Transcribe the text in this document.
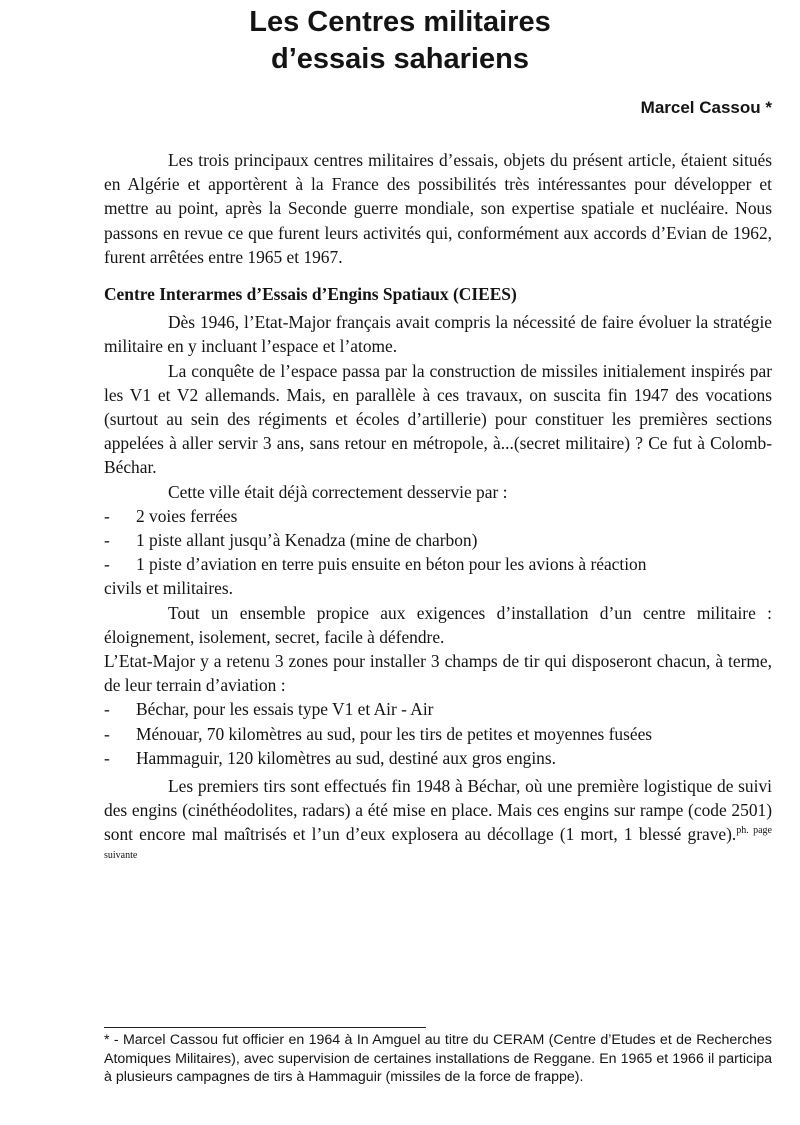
Les Centres militaires
d’essais sahariens

Marcel Cassou *

Les trois principaux centres militaires d’essais, objets du présent article, étaient situés en Algérie et apportèrent à la France des possibilités très intéressantes pour développer et mettre au point, après la Seconde guerre mondiale, son expertise spatiale et nucléaire. Nous passons en revue ce que furent leurs activités qui, conformément aux accords d’Evian de 1962, furent arrêtées entre 1965 et 1967.

Centre Interarmes d’Essais d’Engins Spatiaux (CIEES)

Dès 1946, l’Etat-Major français avait compris la nécessité de faire évoluer la stratégie militaire en y incluant l’espace et l’atome.

La conquête de l’espace passa par la construction de missiles initialement inspirés par les V1 et V2 allemands. Mais, en parallèle à ces travaux, on suscita fin 1947 des vocations (surtout au sein des régiments et écoles d’artillerie) pour constituer les premières sections appelées à aller servir 3 ans, sans retour en métropole, à...(secret militaire) ? Ce fut à Colomb-Béchar.

Cette ville était déjà correctement desservie par :

-	2 voies ferrées
-	1 piste allant jusqu’à Kenadza (mine de charbon)
-	1 piste d’aviation en terre puis ensuite en béton pour les avions à réaction

civils et militaires.

Tout un ensemble propice aux exigences d’installation d’un centre militaire : éloignement, isolement, secret, facile à défendre.

L’Etat-Major y a retenu 3 zones pour installer 3 champs de tir qui disposeront chacun, à terme, de leur terrain d’aviation :

-	Béchar, pour les essais type V1 et Air - Air
-	Ménouar, 70 kilomètres au sud, pour les tirs de petites et moyennes fusées
-	Hammaguir, 120 kilomètres au sud, destiné aux gros engins.

Les premiers tirs sont effectués fin 1948 à Béchar, où une première logistique de suivi des engins (cinéthéodolites, radars) a été mise en place. Mais ces engins sur rampe (code 2501) sont encore mal maîtrisés et l’un d’eux explosera au décollage (1 mort, 1 blessé grave).$^{ph. page suivante}$

* - Marcel Cassou fut officier en 1964 à In Amguel au titre du CERAM (Centre d’Etudes et de Recherches Atomiques Militaires), avec supervision de certaines installations de Reggane. En 1965 et 1966 il participa à plusieurs campagnes de tirs à Hammaguir (missiles de la force de frappe).
